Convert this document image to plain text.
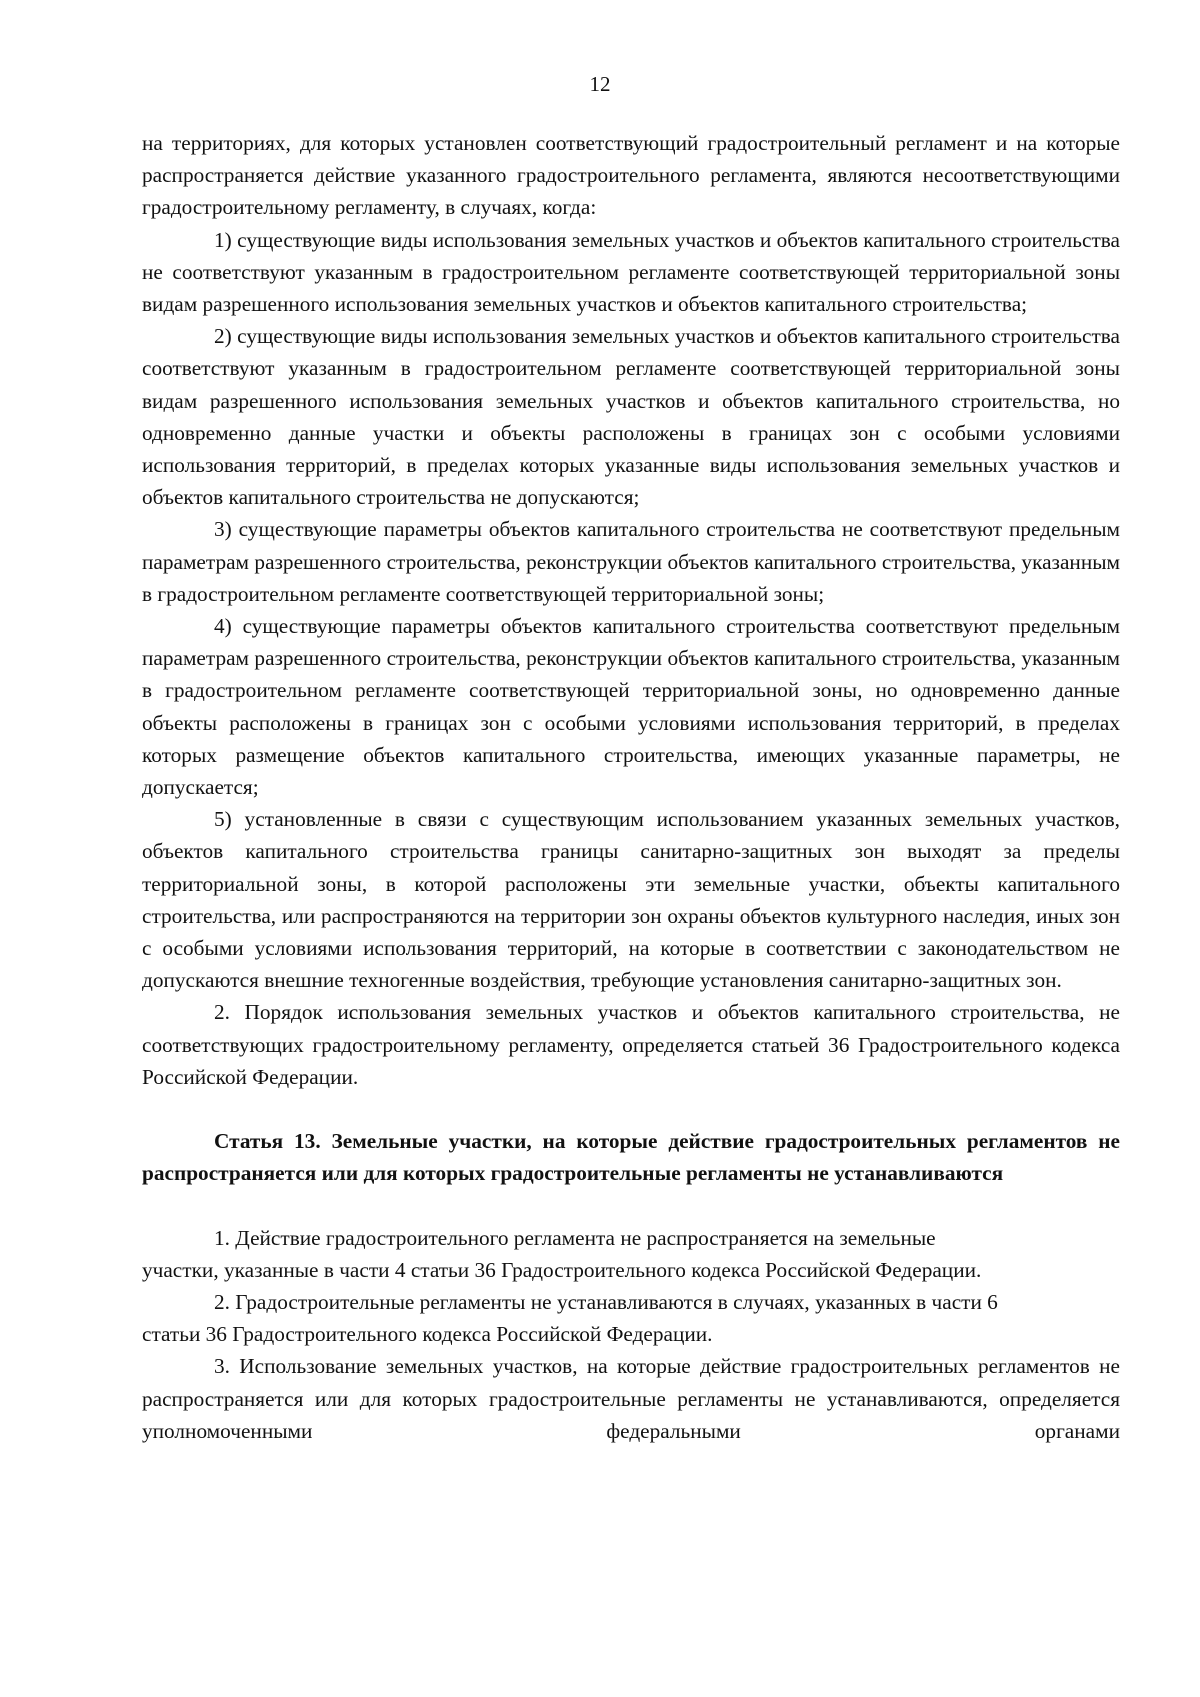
12

на территориях, для которых установлен соответствующий градостроительный регламент и на которые распространяется действие указанного градостроительного регламента, являются несоответствующими градостроительному регламенту, в случаях, когда:

1) существующие виды использования земельных участков и объектов капитального строительства не соответствуют указанным в градостроительном регламенте соответствующей территориальной зоны видам разрешенного использования земельных участков и объектов капитального строительства;

2) существующие виды использования земельных участков и объектов капитального строительства соответствуют указанным в градостроительном регламенте соответствующей территориальной зоны видам разрешенного использования земельных участков и объектов капитального строительства, но одновременно данные участки и объекты расположены в границах зон с особыми условиями использования территорий, в пределах которых указанные виды использования земельных участков и объектов капитального строительства не допускаются;

3) существующие параметры объектов капитального строительства не соответствуют предельным параметрам разрешенного строительства, реконструкции объектов капитального строительства, указанным в градостроительном регламенте соответствующей территориальной зоны;

4) существующие параметры объектов капитального строительства соответствуют предельным параметрам разрешенного строительства, реконструкции объектов капитального строительства, указанным в градостроительном регламенте соответствующей территориальной зоны, но одновременно данные объекты расположены в границах зон с особыми условиями использования территорий, в пределах которых размещение объектов капитального строительства, имеющих указанные параметры, не допускается;

5) установленные в связи с существующим использованием указанных земельных участков, объектов капитального строительства границы санитарно-защитных зон выходят за пределы территориальной зоны, в которой расположены эти земельные участки, объекты капитального строительства, или распространяются на территории зон охраны объектов культурного наследия, иных зон с особыми условиями использования территорий, на которые в соответствии с законодательством не допускаются внешние техногенные воздействия, требующие установления санитарно-защитных зон.

2. Порядок использования земельных участков и объектов капитального строительства, не соответствующих градостроительному регламенту, определяется статьей 36 Градостроительного кодекса Российской Федерации.

Статья 13. Земельные участки, на которые действие градостроительных регламентов не распространяется или для которых градостроительные регламенты не устанавливаются

1. Действие градостроительного регламента не распространяется на земельные

участки, указанные в части 4 статьи 36 Градостроительного кодекса Российской Федерации.

2. Градостроительные регламенты не устанавливаются в случаях, указанных в части 6

статьи 36 Градостроительного кодекса Российской Федерации.

3. Использование земельных участков, на которые действие градостроительных регламентов не распространяется или для которых градостроительные регламенты не устанавливаются, определяется уполномоченными федеральными органами
